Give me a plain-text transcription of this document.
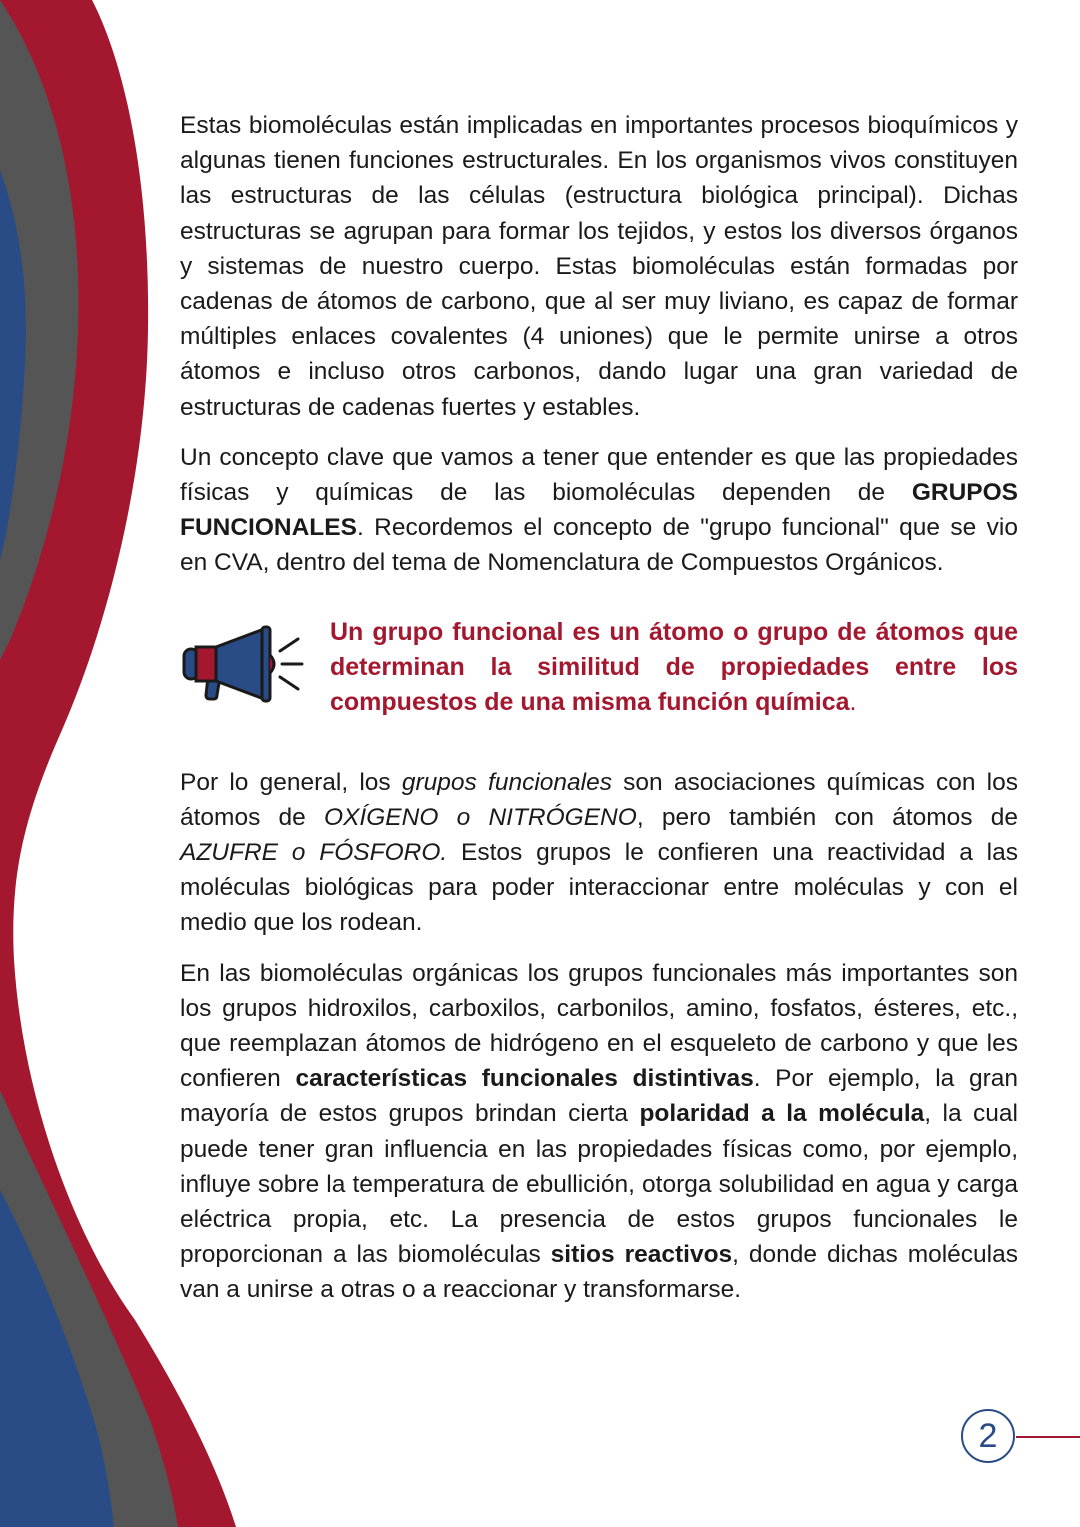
Estas biomoléculas están implicadas en importantes procesos bioquímicos y algunas tienen funciones estructurales. En los organismos vivos constituyen las estructuras de las células (estructura biológica principal). Dichas estructuras se agrupan para formar los tejidos, y estos los diversos órganos y sistemas de nuestro cuerpo. Estas biomoléculas están formadas por cadenas de átomos de carbono, que al ser muy liviano, es capaz de formar múltiples enlaces covalentes (4 uniones) que le permite unirse a otros átomos e incluso otros carbonos, dando lugar una gran variedad de estructuras de cadenas fuertes y estables.

Un concepto clave que vamos a tener que entender es que las propiedades físicas y químicas de las biomoléculas dependen de GRUPOS FUNCIONALES. Recordemos el concepto de "grupo funcional" que se vio en CVA, dentro del tema de Nomenclatura de Compuestos Orgánicos.

Un grupo funcional es un átomo o grupo de átomos que determinan la similitud de propiedades entre los compuestos de una misma función química.

Por lo general, los grupos funcionales son asociaciones químicas con los átomos de OXÍGENO o NITRÓGENO, pero también con átomos de AZUFRE o FÓSFORO. Estos grupos le confieren una reactividad a las moléculas biológicas para poder interaccionar entre moléculas y con el medio que los rodean.

En las biomoléculas orgánicas los grupos funcionales más importantes son los grupos hidroxilos, carboxilos, carbonilos, amino, fosfatos, ésteres, etc., que reemplazan átomos de hidrógeno en el esqueleto de carbono y que les confieren características funcionales distintivas. Por ejemplo, la gran mayoría de estos grupos brindan cierta polaridad a la molécula, la cual puede tener gran influencia en las propiedades físicas como, por ejemplo, influye sobre la temperatura de ebullición, otorga solubilidad en agua y carga eléctrica propia, etc. La presencia de estos grupos funcionales le proporcionan a las biomoléculas sitios reactivos, donde dichas moléculas van a unirse a otras o a reaccionar y transformarse.

2
